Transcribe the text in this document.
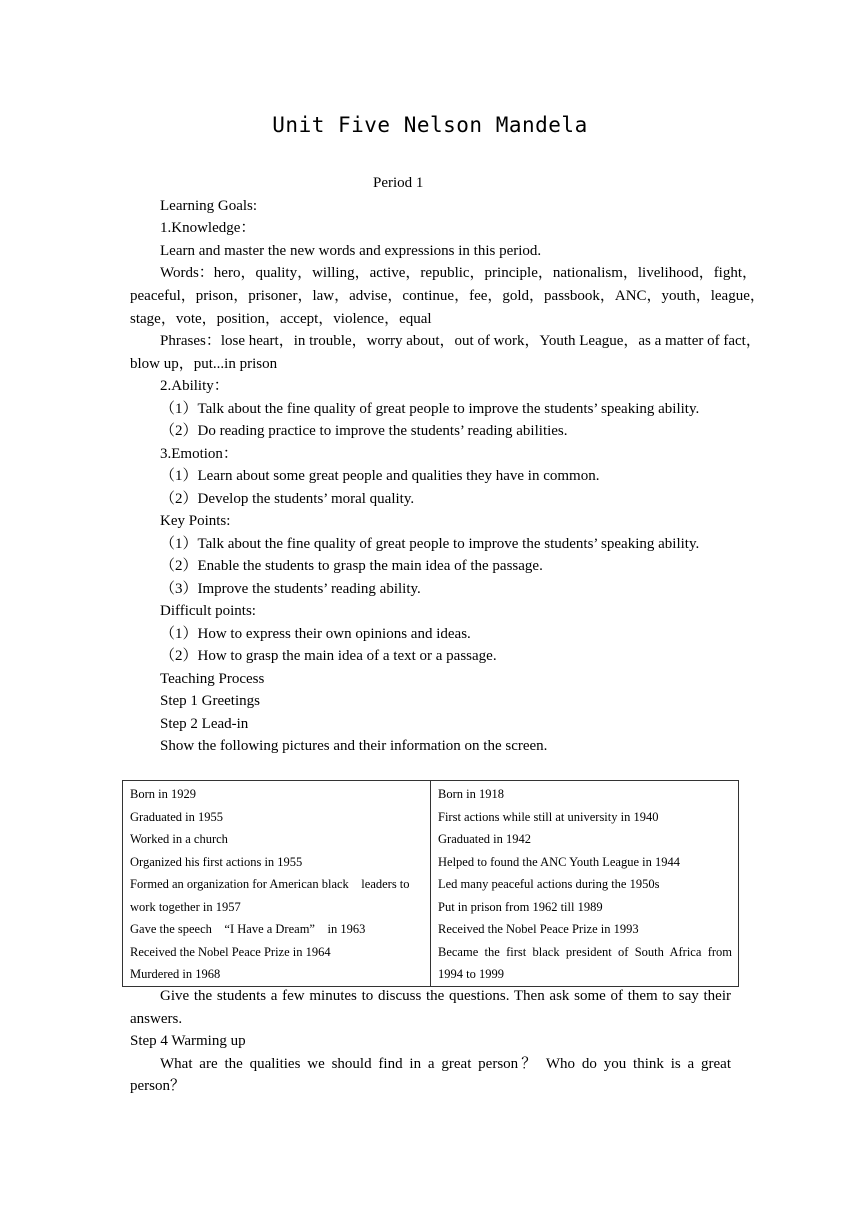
Unit Five Nelson Mandela
Period 1
Learning Goals:
1.Knowledge：
Learn and master the new words and expressions in this period.
Words：hero，quality，willing，active，republic，principle，nationalism，livelihood，fight，
peaceful，prison，prisoner，law，advise，continue，fee，gold，passbook，ANC，youth，league，
stage，vote，position，accept，violence，equal
Phrases：lose heart，in trouble，worry about，out of work，Youth League，as a matter of fact，
blow up，put...in prison
2.Ability：
（1）Talk about the fine quality of great people to improve the students’ speaking ability.
（2）Do reading practice to improve the students’ reading abilities.
3.Emotion：
（1）Learn about some great people and qualities they have in common.
（2）Develop the students’ moral quality.
Key Points:
（1）Talk about the fine quality of great people to improve the students’ speaking ability.
（2）Enable the students to grasp the main idea of the passage.
（3）Improve the students’ reading ability.
Difficult points:
（1）How to express their own opinions and ideas.
（2）How to grasp the main idea of a text or a passage.
Teaching Process
Step 1 Greetings
Step 2 Lead-in
Show the following pictures and their information on the screen.
Born in 1929
Graduated in 1955
Worked in a church
Organized his first actions in 1955
Formed an organization for American black　leaders to
work together in 1957
Gave the speech　“I Have a Dream”　in 1963
Received the Nobel Peace Prize in 1964
Murdered in 1968

Born in 1918
First actions while still at university in 1940
Graduated in 1942
Helped to found the ANC Youth League in 1944
Led many peaceful actions during the 1950s
Put in prison from 1962 till 1989
Received the Nobel Peace Prize in 1993
Became the first black president of South Africa from
1994 to 1999
Give the students a few minutes to discuss the questions. Then ask some of them to say their
answers.
Step 4 Warming up
What are the qualities we should find in a great person？ Who do you think is a great
person？
